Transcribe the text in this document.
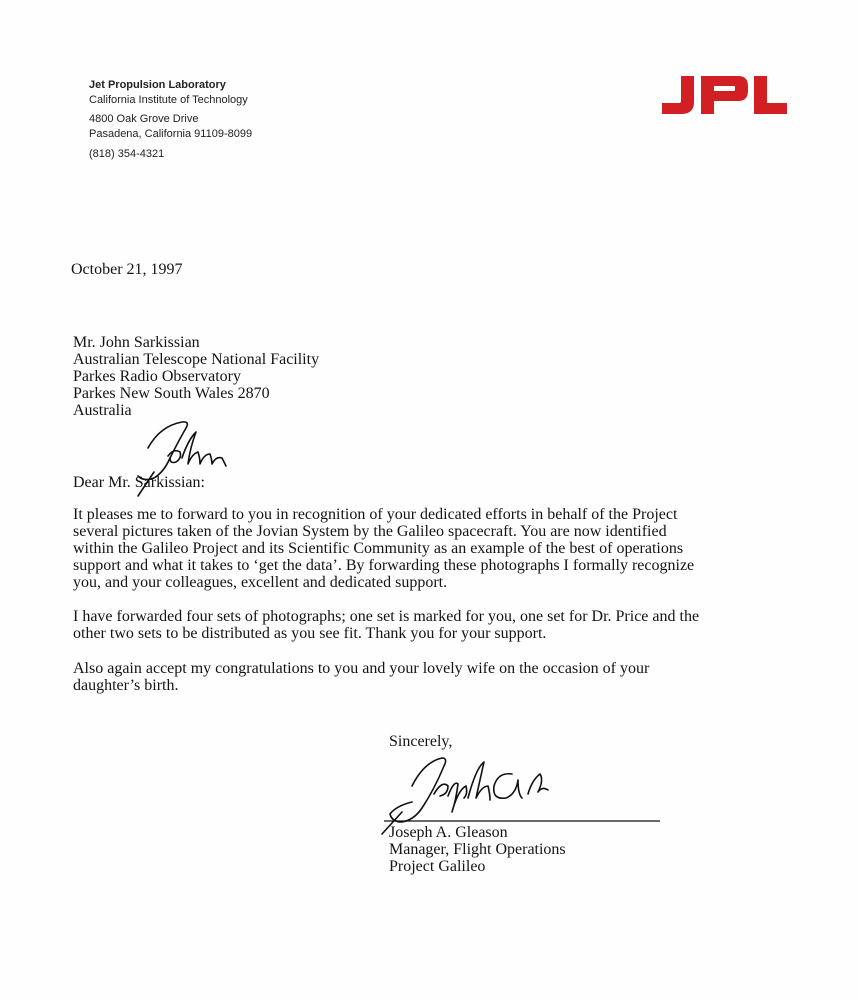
Jet Propulsion Laboratory
California Institute of Technology
4800 Oak Grove Drive
Pasadena, California 91109-8099
(818) 354-4321
October 21, 1997
Mr. John Sarkissian
Australian Telescope National Facility
Parkes Radio Observatory
Parkes New South Wales 2870
Australia
Dear Mr. Sarkissian:
It pleases me to forward to you in recognition of your dedicated efforts in behalf of the Project
several pictures taken of the Jovian System by the Galileo spacecraft. You are now identified
within the Galileo Project and its Scientific Community as an example of the best of operations
support and what it takes to ‘get the data’. By forwarding these photographs I formally recognize
you, and your colleagues, excellent and dedicated support.
I have forwarded four sets of photographs; one set is marked for you, one set for Dr. Price and the
other two sets to be distributed as you see fit. Thank you for your support.
Also again accept my congratulations to you and your lovely wife on the occasion of your
daughter’s birth.
Sincerely,
Joseph A. Gleason
Manager, Flight Operations
Project Galileo
